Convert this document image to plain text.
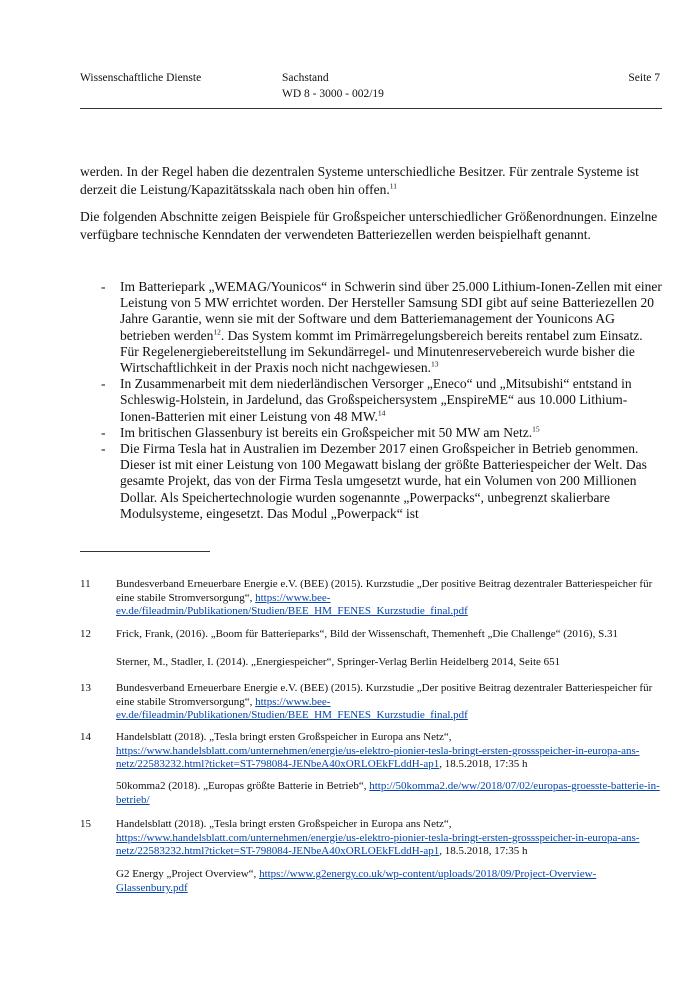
Wissenschaftliche Dienste	Sachstand
WD 8 - 3000 - 002/19
Seite 7

werden. In der Regel haben die dezentralen Systeme unterschiedliche Besitzer. Für zentrale Systeme ist derzeit die Leistung/Kapazitätsskala nach oben hin offen.$^{11}$

Die folgenden Abschnitte zeigen Beispiele für Großspeicher unterschiedlicher Größenordnungen. Einzelne verfügbare technische Kenndaten der verwendeten Batteriezellen werden beispielhaft genannt.

-	Im Batteriepark „WEMAG/Younicos“ in Schwerin sind über 25.000 Lithium-Ionen-Zellen mit einer Leistung von 5 MW errichtet worden. Der Hersteller Samsung SDI gibt auf seine Batteriezellen 20 Jahre Garantie, wenn sie mit der Software und dem Batteriemanagement der Younicons AG betrieben werden$^{12}$. Das System kommt im Primärregelungsbereich bereits rentabel zum Einsatz. Für Regelenergiebereitstellung im Sekundärregel- und Minutenreservebereich wurde bisher die Wirtschaftlichkeit in der Praxis noch nicht nachgewiesen.$^{13}$
-	In Zusammenarbeit mit dem niederländischen Versorger „Eneco“ und „Mitsubishi“ entstand in Schleswig-Holstein, in Jardelund, das Großspeichersystem „EnspireME“ aus 10.000 Lithium-Ionen-Batterien mit einer Leistung von 48 MW.$^{14}$
-	Im britischen Glassenbury ist bereits ein Großspeicher mit 50 MW am Netz.$^{15}$
-	Die Firma Tesla hat in Australien im Dezember 2017 einen Großspeicher in Betrieb genommen. Dieser ist mit einer Leistung von 100 Megawatt bislang der größte Batteriespeicher der Welt. Das gesamte Projekt, das von der Firma Tesla umgesetzt wurde, hat ein Volumen von 200 Millionen Dollar. Als Speichertechnologie wurden sogenannte „Powerpacks“, unbegrenzt skalierbare Modulsysteme, eingesetzt. Das Modul „Powerpack“ ist
11	Bundesverband Erneuerbare Energie e.V. (BEE) (2015). Kurzstudie „Der positive Beitrag dezentraler Batteriespeicher für eine stabile Stromversorgung“, https://www.bee-ev.de/fileadmin/Publikationen/Studien/BEE_HM_FENES_Kurzstudie_final.pdf
12	Frick, Frank, (2016). „Boom für Batterieparks“, Bild der Wissenschaft, Themenheft „Die Challenge“ (2016), S.31
Sterner, M., Stadler, I. (2014). „Energiespeicher“, Springer-Verlag Berlin Heidelberg 2014, Seite 651
13	Bundesverband Erneuerbare Energie e.V. (BEE) (2015). Kurzstudie „Der positive Beitrag dezentraler Batteriespeicher für eine stabile Stromversorgung“, https://www.bee-ev.de/fileadmin/Publikationen/Studien/BEE_HM_FENES_Kurzstudie_final.pdf
14	Handelsblatt (2018). „Tesla bringt ersten Großspeicher in Europa ans Netz“, https://www.handelsblatt.com/unternehmen/energie/us-elektro-pionier-tesla-bringt-ersten-grossspeicher-in-europa-ans-netz/22583232.html?ticket=ST-798084-JENbeA40xORLOEkFLddH-ap1, 18.5.2018, 17:35 h
50komma2 (2018). „Europas größte Batterie in Betrieb“, http://50komma2.de/ww/2018/07/02/europas-groesste-batterie-in-betrieb/
15	Handelsblatt (2018). „Tesla bringt ersten Großspeicher in Europa ans Netz“, https://www.handelsblatt.com/unternehmen/energie/us-elektro-pionier-tesla-bringt-ersten-grossspeicher-in-europa-ans-netz/22583232.html?ticket=ST-798084-JENbeA40xORLOEkFLddH-ap1, 18.5.2018, 17:35 h
G2 Energy „Project Overview“, https://www.g2energy.co.uk/wp-content/uploads/2018/09/Project-Overview-Glassenbury.pdf
